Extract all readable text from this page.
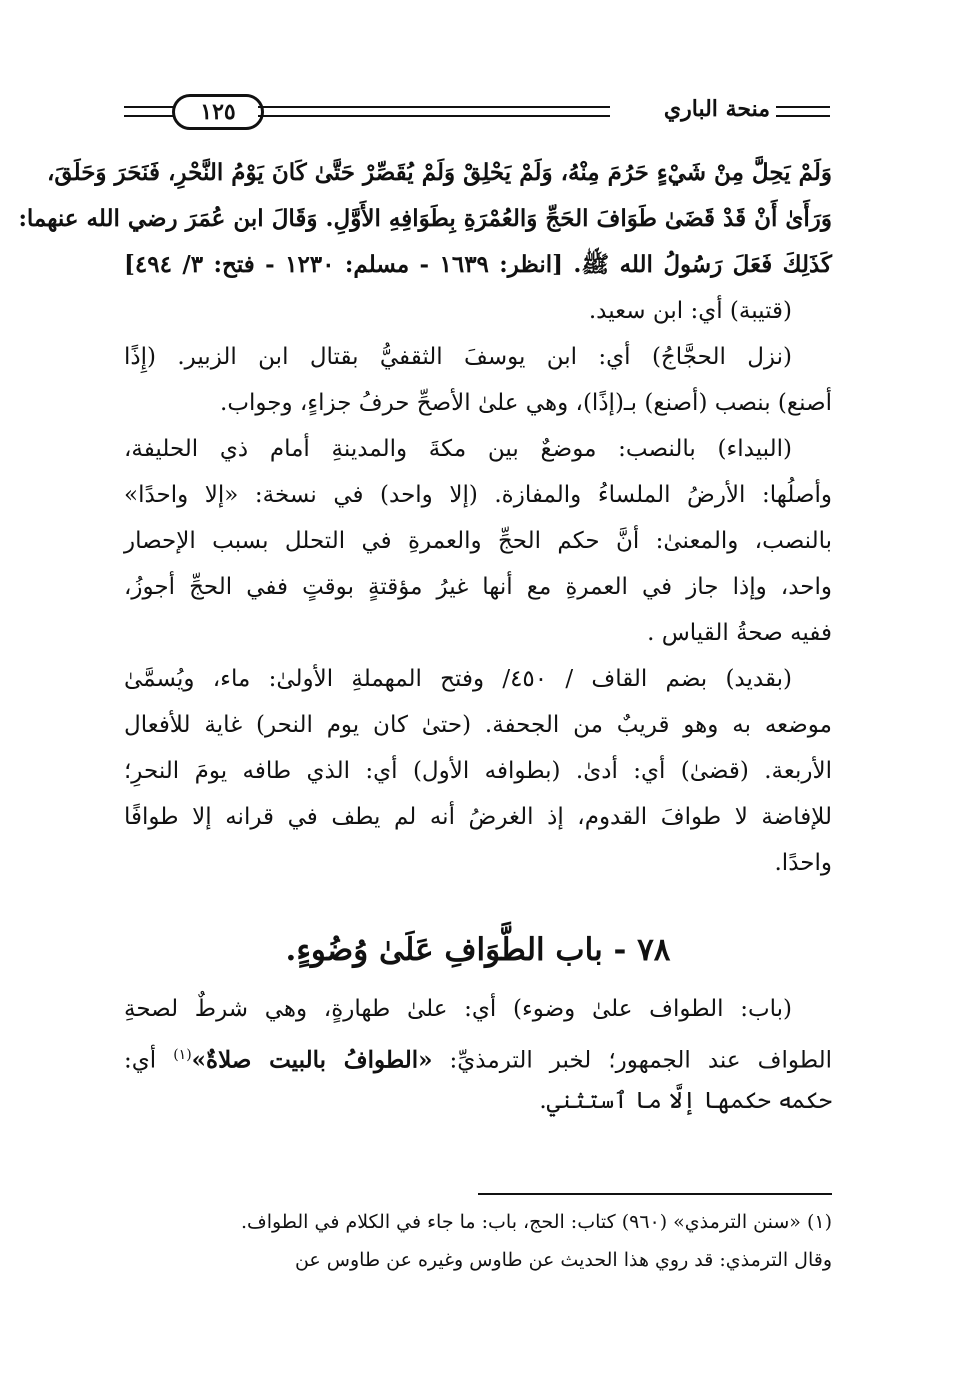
١٢٥	منحة الباري
وَلَمْ يَحِلَّ مِنْ شَيْءٍ حَرُمَ مِنْهُ، وَلَمْ يَحْلِقْ وَلَمْ يُقَصِّرْ حَتَّىٰ كَانَ يَوْمُ النَّحْرِ، فَنَحَرَ وَحَلَقَ،
وَرَأَىٰ أَنْ قَدْ قَضَىٰ طَوَافَ الحَجِّ وَالعُمْرَةِ بِطَوَافِهِ الأَوَّلِ. وَقَالَ ابن عُمَرَ رضي الله عنهما:
كَذَلِكَ فَعَلَ رَسُولُ الله ﷺ. [انظر: ١٦٣٩ - مسلم: ١٢٣٠ - فتح: ٣/ ٤٩٤]
(قتيبة) أي: ابن سعيد.
(نزل الحجَّاجُ) أي: ابن يوسفَ الثقفيُّ بقتال ابن الزبير. (إِذًا
أصنع) بنصب (أصنع) بـ(إذًا)، وهي علىٰ الأصحِّ حرفُ جزاءٍ، وجواب.
(البيداء) بالنصب: موضعٌ بين مكةَ والمدينةِ أمام ذي الحليفة،
وأصلُها: الأرضُ الملساءُ والمفازة. (إلا واحد) في نسخة: «إلا واحدًا»
بالنصب، والمعنىٰ: أنَّ حكم الحجِّ والعمرةِ في التحلل بسبب الإحصار
واحد، وإذا جاز في العمرةِ مع أنها غيرُ مؤقتةٍ بوقتٍ ففي الحجِّ أجوزُ،
ففيه صحةُ القياس .
(بقديد) بضم القاف / ٤٥٠/ وفتح المهملةِ الأولىٰ: ماء، ويُسمَّىٰ
موضعه به وهو قريبٌ من الجحفة. (حتىٰ كان يوم النحر) غاية للأفعال
الأربعة. (قضىٰ) أي: أدىٰ. (بطوافه الأول) أي: الذي طافه يومَ النحرِ؛
للإفاضة لا طوافَ القدوم، إذ الغرضُ أنه لم يطف في قرانه إلا طوافًا
واحدًا.
٧٨ - باب الطَّوَافِ عَلَىٰ وُضُوءٍ.
(باب: الطواف علىٰ وضوء) أي: علىٰ طهارةٍ، وهي شرطٌ لصحةِ
الطواف عند الجمهور؛ لخبر الترمذيِّ: «الطوافُ بالبيت صلاةٌ»$^{(١)}$ أي:
حكمه حكمها إلَّا ما ٱستثني.
(١) «سنن الترمذي» (٩٦٠) كتاب: الحج، باب: ما جاء في الكلام في الطواف.
وقال الترمذي: قد روي هذا الحديث عن طاوس وغيره عن طاوس عن
